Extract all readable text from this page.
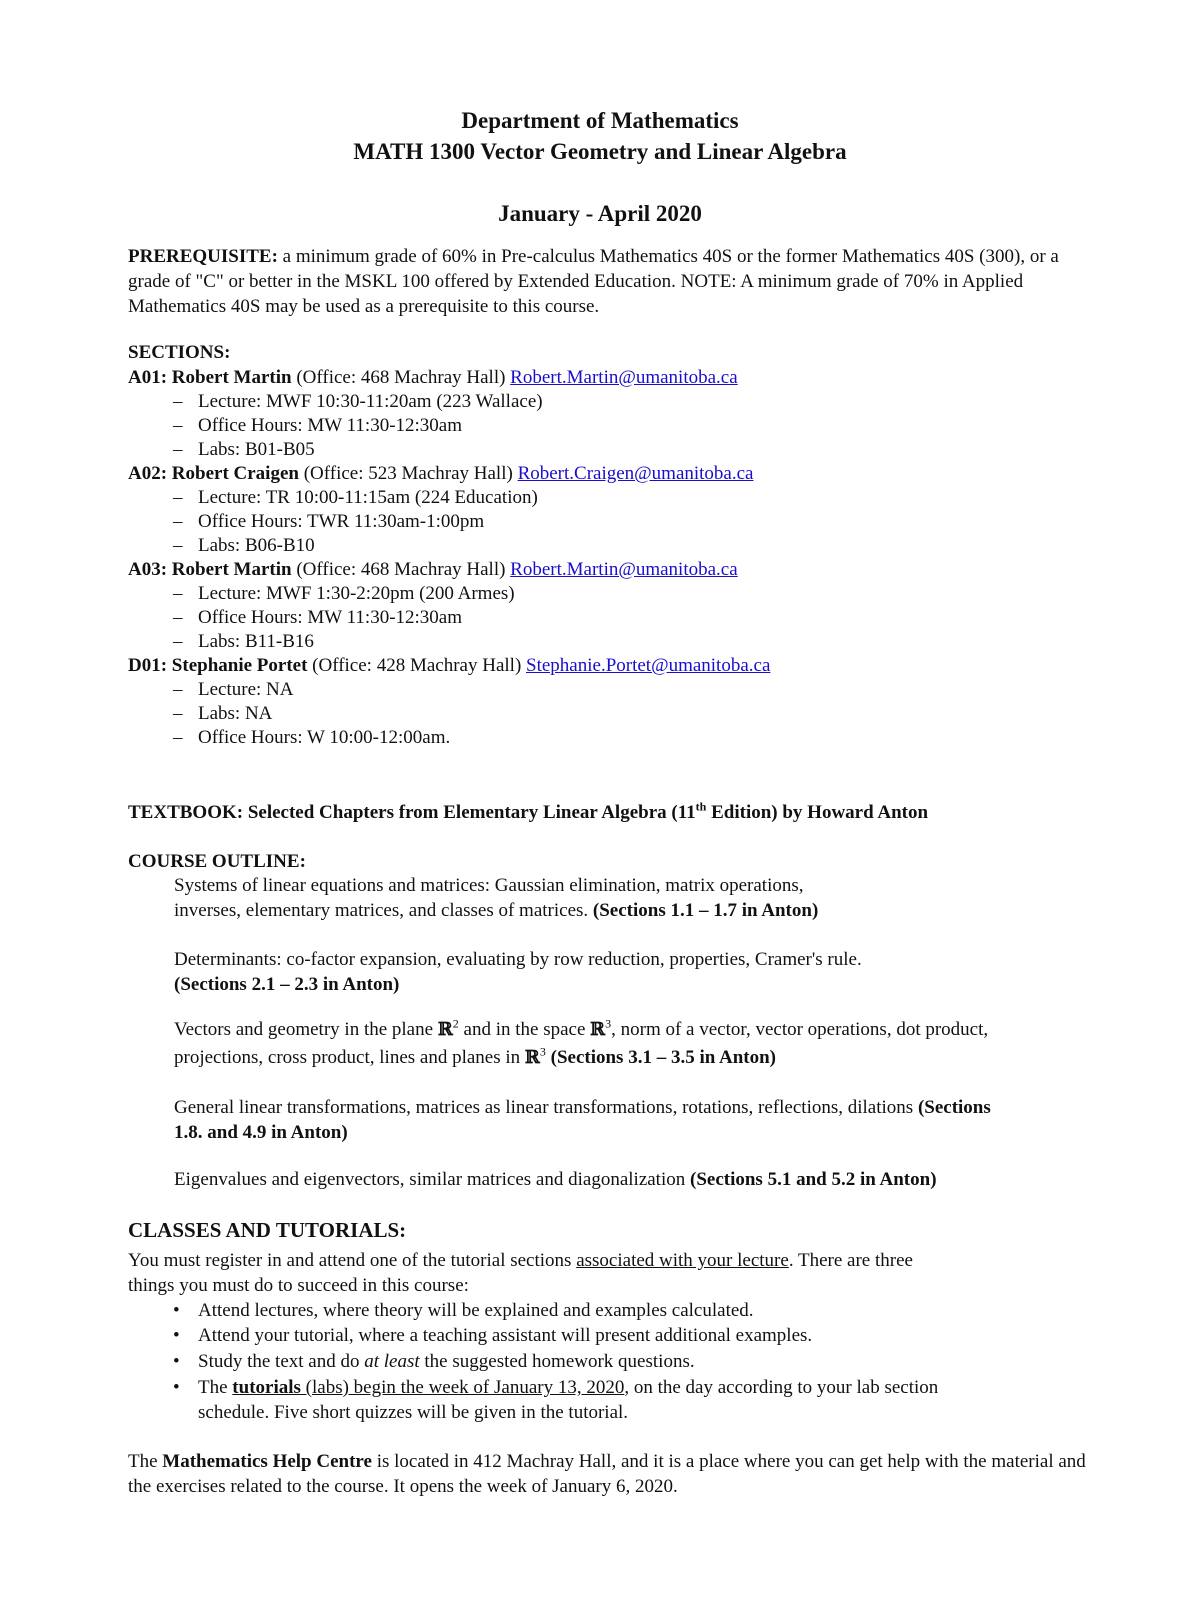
Department of Mathematics
MATH 1300 Vector Geometry and Linear Algebra
January - April 2020
PREREQUISITE: a minimum grade of 60% in Pre-calculus Mathematics 40S or the former Mathematics 40S (300), or a grade of "C" or better in the MSKL 100 offered by Extended Education. NOTE: A minimum grade of 70% in Applied Mathematics 40S may be used as a prerequisite to this course.
SECTIONS:
A01: Robert Martin (Office: 468 Machray Hall) Robert.Martin@umanitoba.ca
– Lecture: MWF 10:30-11:20am (223 Wallace)
– Office Hours: MW 11:30-12:30am
– Labs: B01-B05
A02: Robert Craigen (Office: 523 Machray Hall) Robert.Craigen@umanitoba.ca
– Lecture: TR 10:00-11:15am (224 Education)
– Office Hours: TWR 11:30am-1:00pm
– Labs: B06-B10
A03: Robert Martin (Office: 468 Machray Hall) Robert.Martin@umanitoba.ca
– Lecture: MWF 1:30-2:20pm (200 Armes)
– Office Hours: MW 11:30-12:30am
– Labs: B11-B16
D01: Stephanie Portet (Office: 428 Machray Hall) Stephanie.Portet@umanitoba.ca
– Lecture: NA
– Labs: NA
– Office Hours: W 10:00-12:00am.
TEXTBOOK: Selected Chapters from Elementary Linear Algebra (11th Edition) by Howard Anton
COURSE OUTLINE:
Systems of linear equations and matrices: Gaussian elimination, matrix operations,
inverses, elementary matrices, and classes of matrices. (Sections 1.1 – 1.7 in Anton)
Determinants: co-factor expansion, evaluating by row reduction, properties, Cramer's rule.
(Sections 2.1 – 2.3 in Anton)
Vectors and geometry in the plane ℝ$^2$ and in the space ℝ$^3$, norm of a vector, vector operations, dot product,
projections, cross product, lines and planes in ℝ$^3$ (Sections 3.1 – 3.5 in Anton)
General linear transformations, matrices as linear transformations, rotations, reflections, dilations (Sections
1.8. and 4.9 in Anton)
Eigenvalues and eigenvectors, similar matrices and diagonalization (Sections 5.1 and 5.2 in Anton)
CLASSES AND TUTORIALS:
You must register in and attend one of the tutorial sections associated with your lecture. There are three
things you must do to succeed in this course:
• Attend lectures, where theory will be explained and examples calculated.
• Attend your tutorial, where a teaching assistant will present additional examples.
• Study the text and do at least the suggested homework questions.
• The tutorials (labs) begin the week of January 13, 2020, on the day according to your lab section
schedule. Five short quizzes will be given in the tutorial.
The Mathematics Help Centre is located in 412 Machray Hall, and it is a place where you can get help with the material and the exercises related to the course. It opens the week of January 6, 2020.
